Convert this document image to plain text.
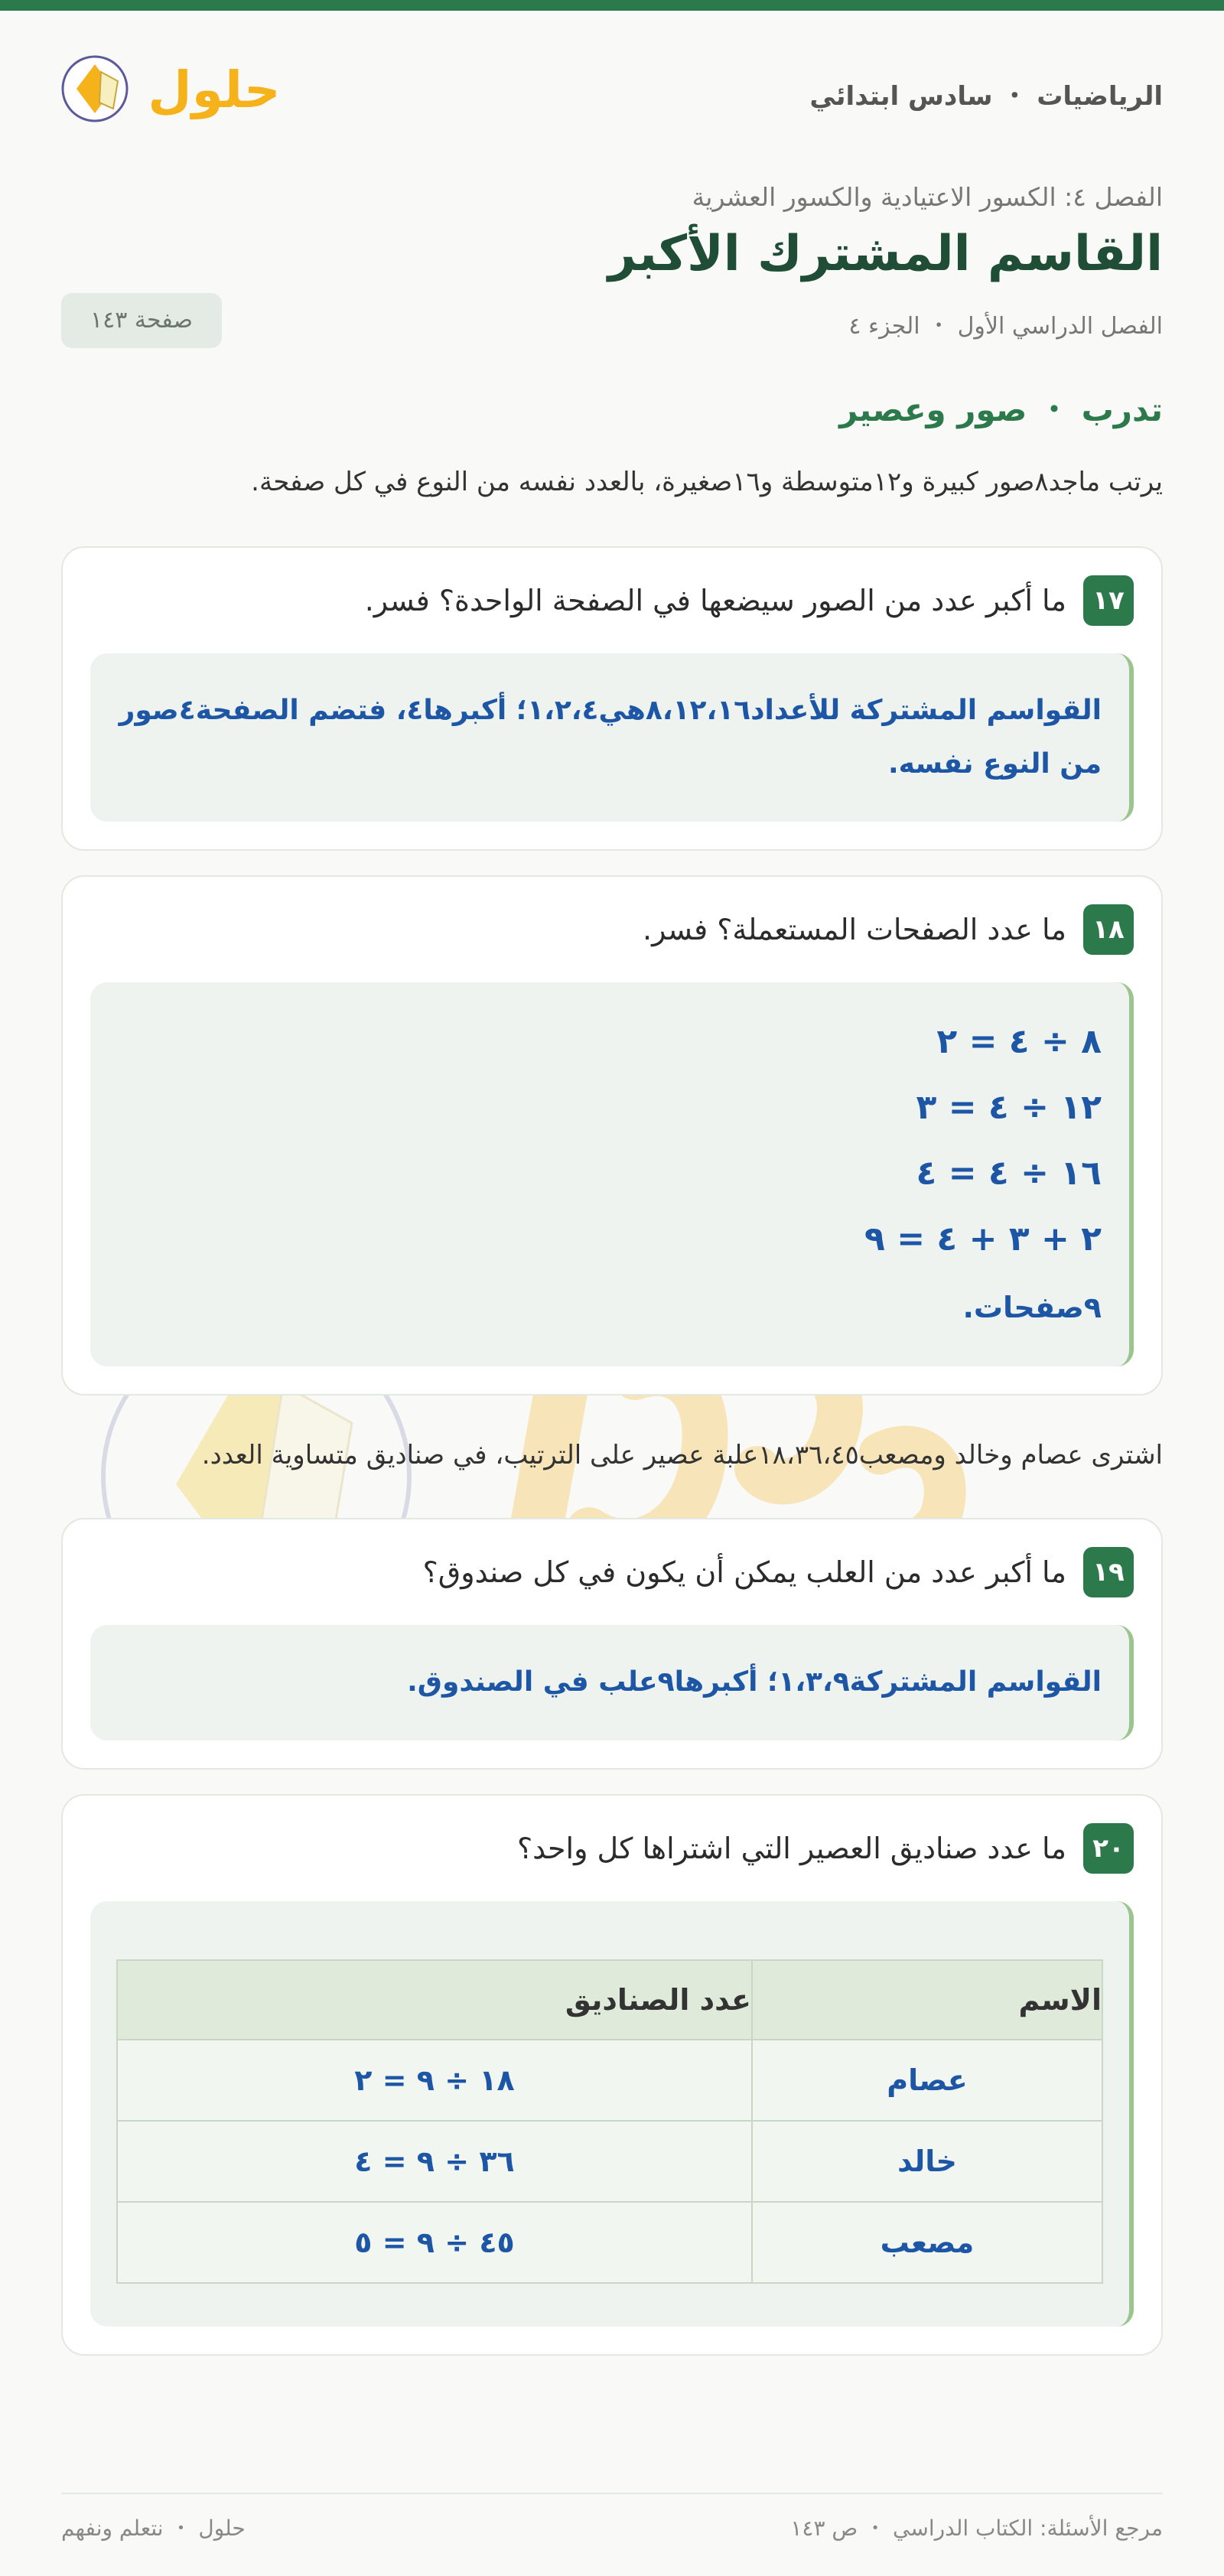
الرياضيات ・ سادس ابتدائي
حلول
الفصل ٤: الكسور الاعتيادية والكسور العشرية
القاسم المشترك الأكبر
الفصل الدراسي الأول ・ الجزء ٤
صفحة ١٤٣
تدرب ・ صور وعصير
يرتب ماجد٨صور كبيرة و١٢متوسطة و١٦صغيرة، بالعدد نفسه من النوع في كل صفحة.
١٧
ما أكبر عدد من الصور سيضعها في الصفحة الواحدة؟ فسر.
القواسم المشتركة للأعداد٨،١٢،١٦هي١،٢،٤؛ أكبرها٤، فتضم الصفحة٤صور من النوع نفسه.
١٨
ما عدد الصفحات المستعملة؟ فسر.
٨ ÷ ٤ = ٢
١٢ ÷ ٤ = ٣
١٦ ÷ ٤ = ٤
٢ + ٣ + ٤ = ٩
٩صفحات.
اشترى عصام وخالد ومصعب١٨،٣٦،٤٥علبة عصير على الترتيب، في صناديق متساوية العدد.
١٩
ما أكبر عدد من العلب يمكن أن يكون في كل صندوق؟
القواسم المشتركة١،٣،٩؛ أكبرها٩علب في الصندوق.
٢٠
ما عدد صناديق العصير التي اشتراها كل واحد؟
الاسم	عدد الصناديق
عصام	١٨ ÷ ٩ = ٢
خالد	٣٦ ÷ ٩ = ٤
مصعب	٤٥ ÷ ٩ = ٥
مرجع الأسئلة: الكتاب الدراسي ・ ص ١٤٣
حلول ・ نتعلم ونفهم
